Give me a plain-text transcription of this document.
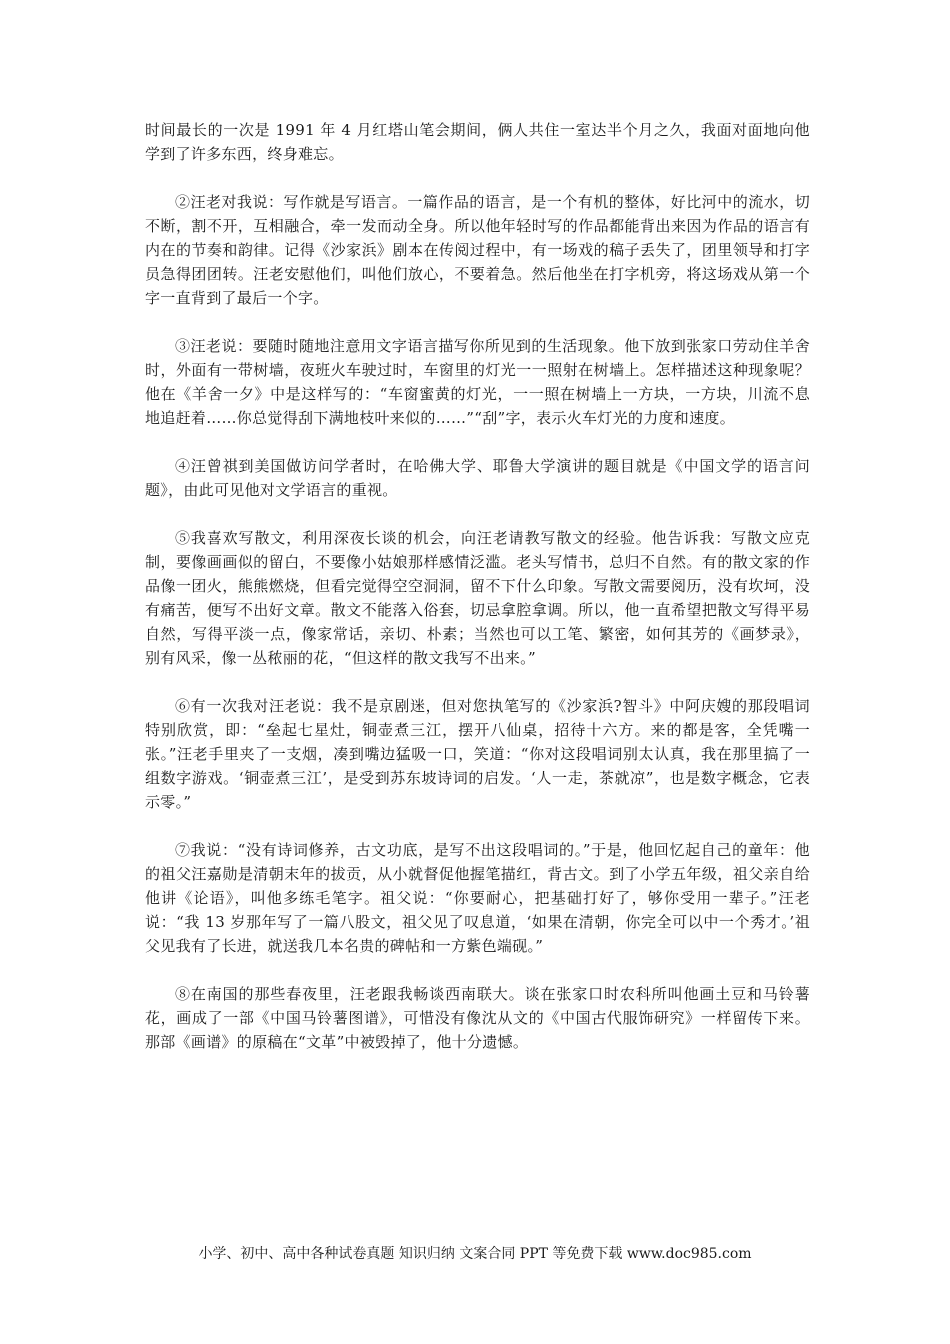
时间最长的一次是 1991 年 4 月红塔山笔会期间，俩人共住一室达半个月之久，我面对面地向他学到了许多东西，终身难忘。

②汪老对我说：写作就是写语言。一篇作品的语言，是一个有机的整体，好比河中的流水，切不断，割不开，互相融合，牵一发而动全身。所以他年轻时写的作品都能背出来因为作品的语言有内在的节奏和韵律。记得《沙家浜》剧本在传阅过程中，有一场戏的稿子丢失了，团里领导和打字员急得团团转。汪老安慰他们，叫他们放心，不要着急。然后他坐在打字机旁，将这场戏从第一个字一直背到了最后一个字。

③汪老说：要随时随地注意用文字语言描写你所见到的生活现象。他下放到张家口劳动住羊舍时，外面有一带树墙，夜班火车驶过时，车窗里的灯光一一照射在树墙上。怎样描述这种现象呢？他在《羊舍一夕》中是这样写的：“车窗蜜黄的灯光，一一照在树墙上一方块，一方块，川流不息地追赶着……你总觉得刮下满地枝叶来似的……”“刮”字，表示火车灯光的力度和速度。

④汪曾祺到美国做访问学者时，在哈佛大学、耶鲁大学演讲的题目就是《中国文学的语言问题》，由此可见他对文学语言的重视。

⑤我喜欢写散文，利用深夜长谈的机会，向汪老请教写散文的经验。他告诉我：写散文应克制，要像画画似的留白，不要像小姑娘那样感情泛滥。老头写情书，总归不自然。有的散文家的作品像一团火，熊熊燃烧，但看完觉得空空洞洞，留不下什么印象。写散文需要阅历，没有坎坷，没有痛苦，便写不出好文章。散文不能落入俗套，切忌拿腔拿调。所以，他一直希望把散文写得平易自然，写得平淡一点，像家常话，亲切、朴素；当然也可以工笔、繁密，如何其芳的《画梦录》，别有风采，像一丛秾丽的花，“但这样的散文我写不出来。”

⑥有一次我对汪老说：我不是京剧迷，但对您执笔写的《沙家浜?智斗》中阿庆嫂的那段唱词特别欣赏，即：“垒起七星灶，铜壶煮三江，摆开八仙桌，招待十六方。来的都是客，全凭嘴一张。”汪老手里夹了一支烟，凑到嘴边猛吸一口，笑道：“你对这段唱词别太认真，我在那里搞了一组数字游戏。‘铜壶煮三江’，是受到苏东坡诗词的启发。‘人一走，茶就凉”，也是数字概念，它表示零。”

⑦我说：“没有诗词修养，古文功底，是写不出这段唱词的。”于是，他回忆起自己的童年：他的祖父汪嘉勋是清朝末年的拔贡，从小就督促他握笔描红，背古文。到了小学五年级，祖父亲自给他讲《论语》，叫他多练毛笔字。祖父说：“你要耐心，把基础打好了，够你受用一辈子。”汪老说：“我 13 岁那年写了一篇八股文，祖父见了叹息道，‘如果在清朝，你完全可以中一个秀才。’祖父见我有了长进，就送我几本名贵的碑帖和一方紫色端砚。”

⑧在南国的那些春夜里，汪老跟我畅谈西南联大。谈在张家口时农科所叫他画土豆和马铃薯花，画成了一部《中国马铃薯图谱》，可惜没有像沈从文的《中国古代服饰研究》一样留传下来。那部《画谱》的原稿在“文革”中被毁掉了，他十分遗憾。

小学、初中、高中各种试卷真题 知识归纳 文案合同 PPT 等免费下载 www.doc985.com
